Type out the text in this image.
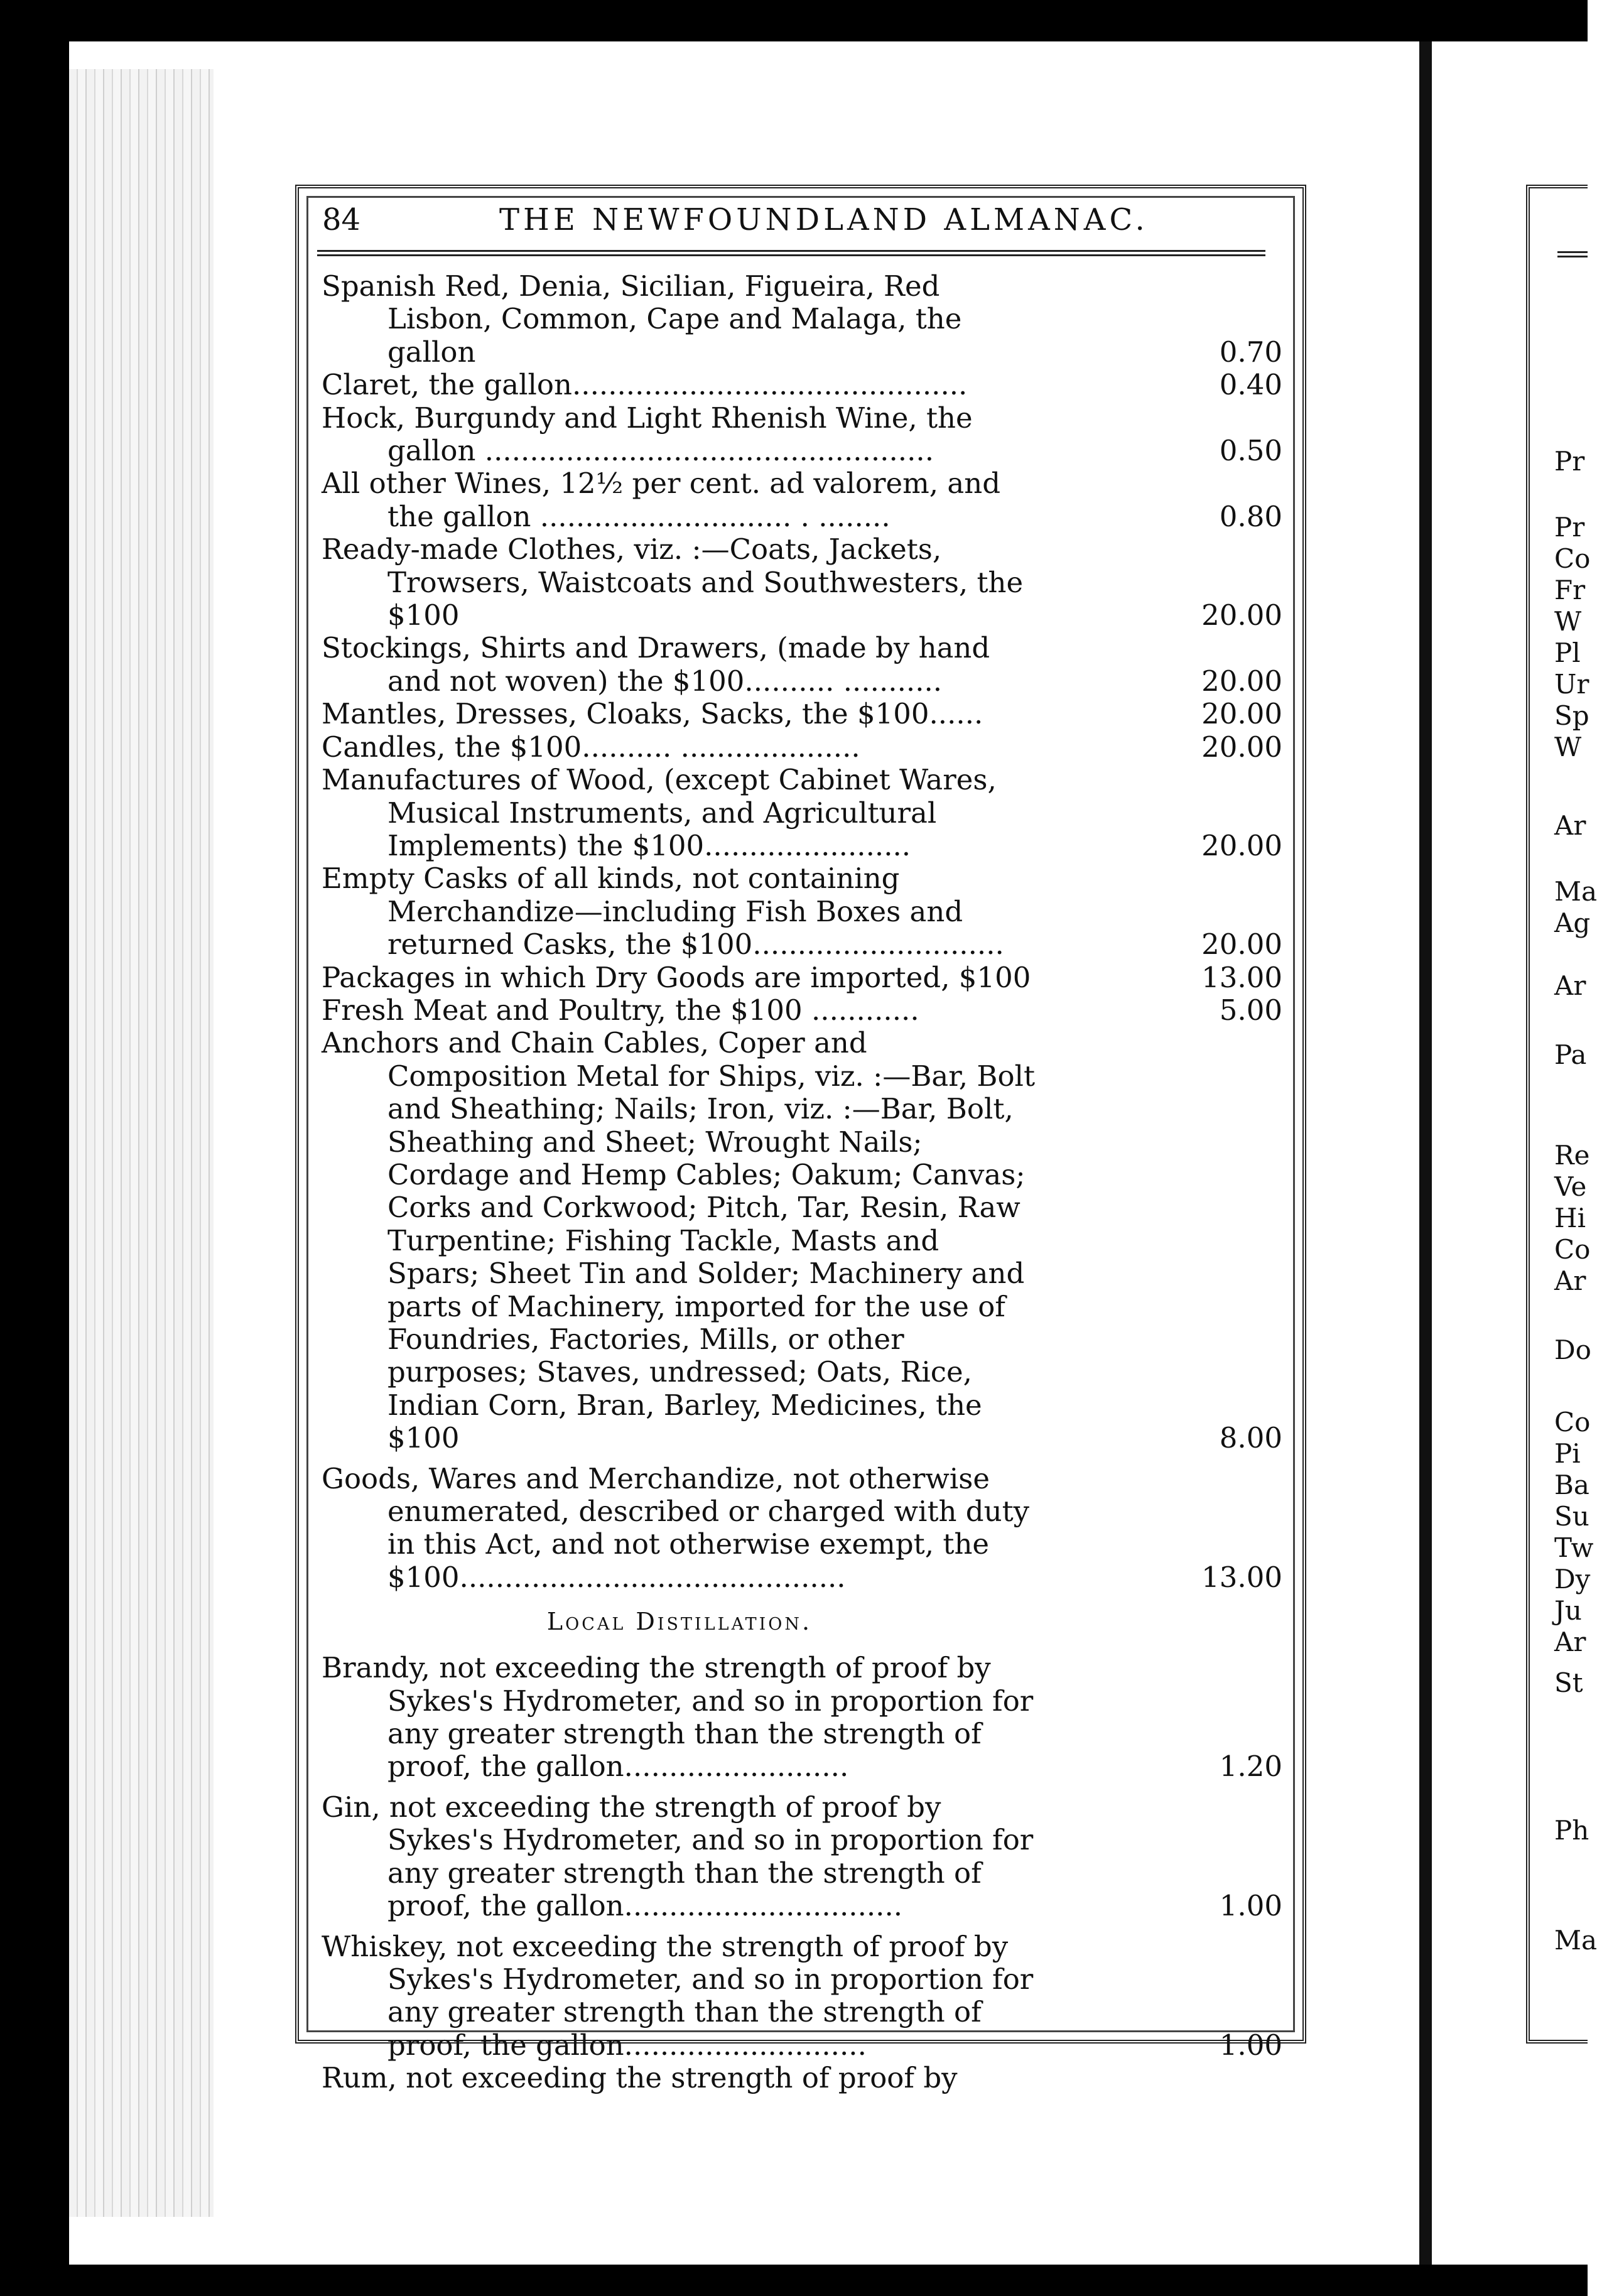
84	THE NEWFOUNDLAND ALMANAC.
Spanish Red, Denia, Sicilian, Figueira, Red Lisbon, Common, Cape and Malaga, the gallon	0.70
Claret, the gallon............................................	0.40
Hock, Burgundy and Light Rhenish Wine, the gallon ..................................................	0.50
All other Wines, 12½ per cent. ad valorem, and the gallon ............................ . ........	0.80
Ready-made Clothes, viz. :—Coats, Jackets, Trowsers, Waistcoats and Southwesters, the $100	20.00
Stockings, Shirts and Drawers, (made by hand and not woven) the $100.......... ...........	20.00
Mantles, Dresses, Cloaks, Sacks, the $100......	20.00
Candles, the $100.......... ....................	20.00
Manufactures of Wood, (except Cabinet Wares, Musical Instruments, and Agricultural Implements) the $100.......................	20.00
Empty Casks of all kinds, not containing Merchandize—including Fish Boxes and returned Casks, the $100............................	20.00
Packages in which Dry Goods are imported, $100	13.00
Fresh Meat and Poultry, the $100 ............	5.00
Anchors and Chain Cables, Coper and Composition Metal for Ships, viz. :—Bar, Bolt and Sheathing; Nails; Iron, viz. :—Bar, Bolt, Sheathing and Sheet; Wrought Nails; Cordage and Hemp Cables; Oakum; Canvas; Corks and Corkwood; Pitch, Tar, Resin, Raw Turpentine; Fishing Tackle, Masts and Spars; Sheet Tin and Solder; Machinery and parts of Machinery, imported for the use of Foundries, Factories, Mills, or other purposes; Staves, undressed; Oats, Rice, Indian Corn, Bran, Barley, Medicines, the $100	8.00
Goods, Wares and Merchandize, not otherwise enumerated, described or charged with duty in this Act, and not otherwise exempt, the $100...........................................	13.00
Local Distillation.
Brandy, not exceeding the strength of proof by Sykes's Hydrometer, and so in proportion for any greater strength than the strength of proof, the gallon.........................	1.20
Gin, not exceeding the strength of proof by Sykes's Hydrometer, and so in proportion for any greater strength than the strength of proof, the gallon...............................	1.00
Whiskey, not exceeding the strength of proof by Sykes's Hydrometer, and so in proportion for any greater strength than the strength of proof, the gallon...........................	1.00
Rum, not exceeding the strength of proof by
Pr
Pr
Co
Fr
W
Pl
Ur
Sp
W
Ar
Ma
Ag
Ar
Pa
Re
Ve
Hi
Co
Ar
Do
Co
Pi
Ba
Su
Tw
Dy
Ju
Ar
St
Ph
Ma
